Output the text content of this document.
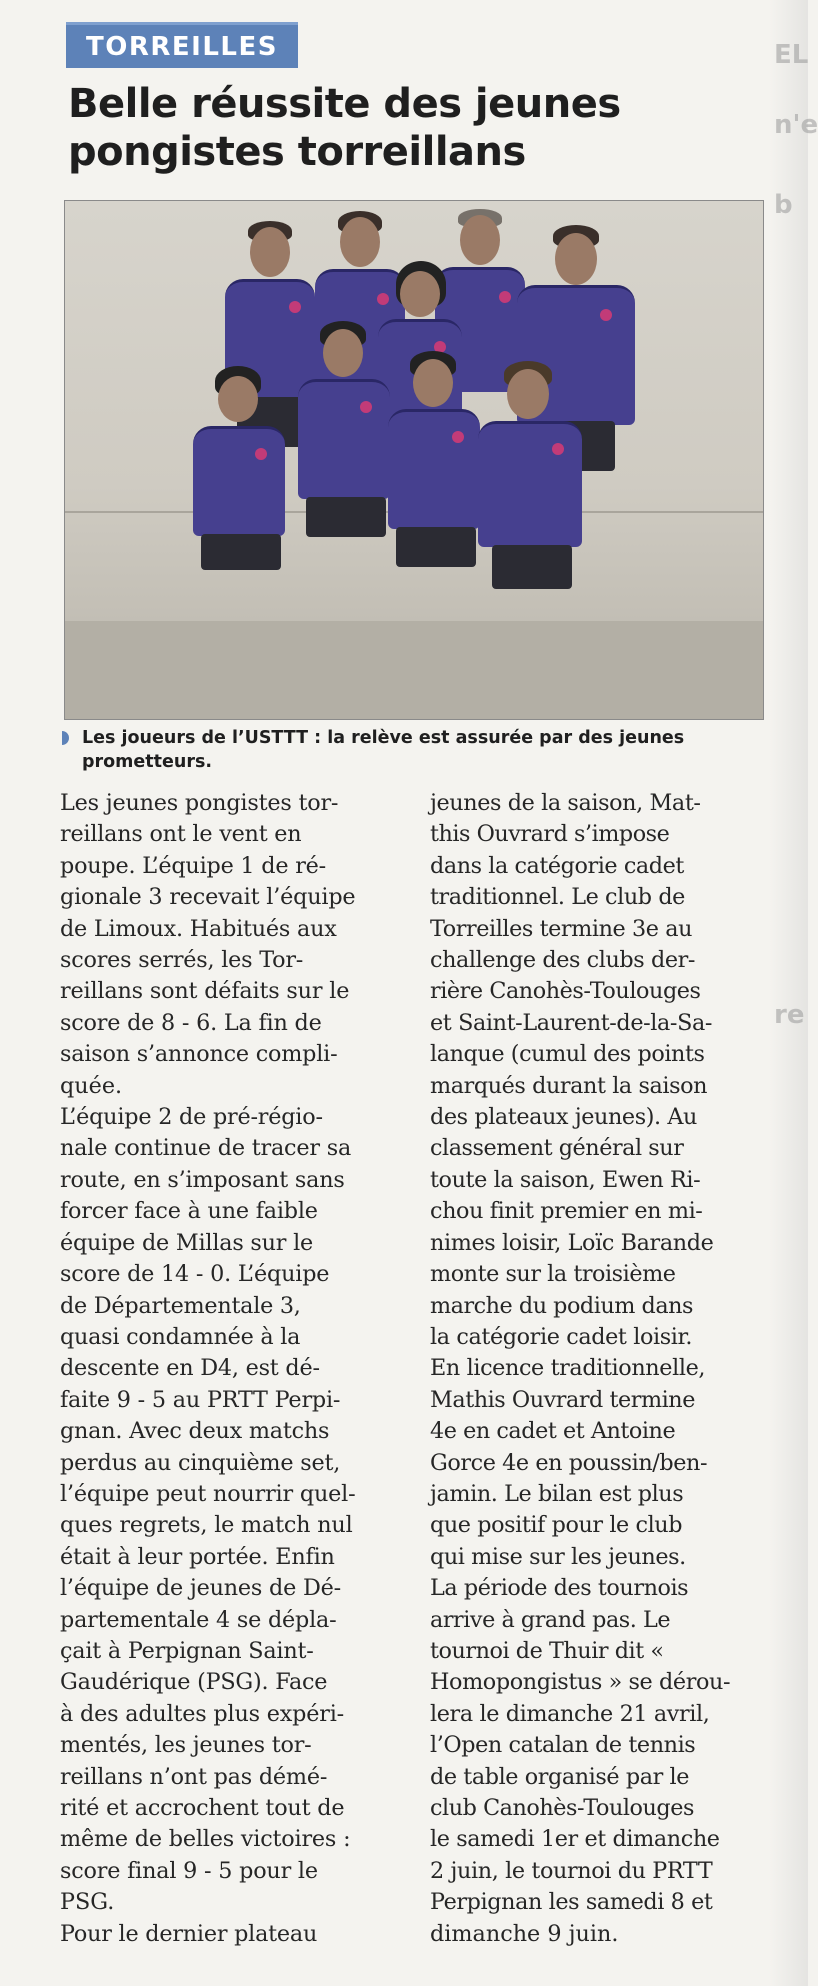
EL
n'e
b
re
TORREILLES
Belle réussite des jeunes
pongistes torreillans
Les joueurs de l’USTTT : la relève est assurée par des jeunes
prometteurs.

Les jeunes pongistes tor-

reillans ont le vent en

poupe. L’équipe 1 de ré-

gionale 3 recevait l’équipe

de Limoux. Habitués aux

scores serrés, les Tor-

reillans sont défaits sur le

score de 8 - 6. La fin de

saison s’annonce compli-

quée.

L’équipe 2 de pré-régio-

nale continue de tracer sa

route, en s’imposant sans

forcer face à une faible

équipe de Millas sur le

score de 14 - 0. L’équipe

de Départementale 3,

quasi condamnée à la

descente en D4, est dé-

faite 9 - 5 au PRTT Perpi-

gnan. Avec deux matchs

perdus au cinquième set,

l’équipe peut nourrir quel-

ques regrets, le match nul

était à leur portée. Enfin

l’équipe de jeunes de Dé-

partementale 4 se dépla-

çait à Perpignan Saint-

Gaudérique (PSG). Face

à des adultes plus expéri-

mentés, les jeunes tor-

reillans n’ont pas démé-

rité et accrochent tout de

même de belles victoires :

score final 9 - 5 pour le

PSG.

Pour le dernier plateau

jeunes de la saison, Mat-

this Ouvrard s’impose

dans la catégorie cadet

traditionnel. Le club de

Torreilles termine 3e au

challenge des clubs der-

rière Canohès-Toulouges

et Saint-Laurent-de-la-Sa-

lanque (cumul des points

marqués durant la saison

des plateaux jeunes). Au

classement général sur

toute la saison, Ewen Ri-

chou finit premier en mi-

nimes loisir, Loïc Barande

monte sur la troisième

marche du podium dans

la catégorie cadet loisir.

En licence traditionnelle,

Mathis Ouvrard termine

4e en cadet et Antoine

Gorce 4e en poussin/ben-

jamin. Le bilan est plus

que positif pour le club

qui mise sur les jeunes.

La période des tournois

arrive à grand pas. Le

tournoi de Thuir dit «

Homopongistus » se dérou-

lera le dimanche 21 avril,

l’Open catalan de tennis

de table organisé par le

club Canohès-Toulouges

le samedi 1er et dimanche

2 juin, le tournoi du PRTT

Perpignan les samedi 8 et

dimanche 9 juin.
